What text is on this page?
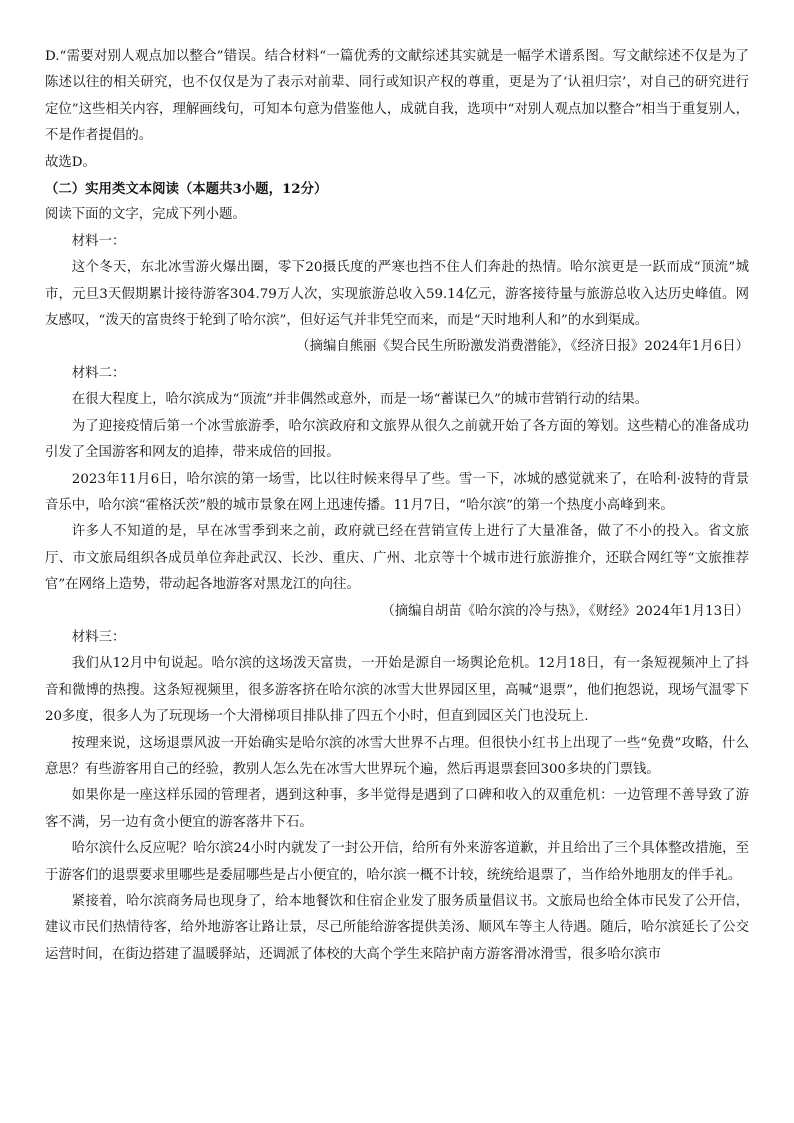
D.“需要对别人观点加以整合”错误。结合材料“一篇优秀的文献综述其实就是一幅学术谱系图。写文献综述不仅是为了陈述以往的相关研究，也不仅仅是为了表示对前辈、同行或知识产权的尊重，更是为了‘认祖归宗’，对自己的研究进行定位”这些相关内容，理解画线句，可知本句意为借鉴他人，成就自我，选项中“对别人观点加以整合”相当于重复别人，不是作者提倡的。

故选D。

（二）实用类文本阅读（本题共3小题，12分）

阅读下面的文字，完成下列小题。

材料一：

这个冬天，东北冰雪游火爆出圈，零下20摄氏度的严寒也挡不住人们奔赴的热情。哈尔滨更是一跃而成“顶流”城市，元旦3天假期累计接待游客304.79万人次，实现旅游总收入59.14亿元，游客接待量与旅游总收入达历史峰值。网友感叹，“泼天的富贵终于轮到了哈尔滨”，但好运气并非凭空而来，而是“天时地利人和”的水到渠成。

（摘编自熊丽《契合民生所盼激发消费潜能》，《经济日报》2024年1月6日）

材料二：

在很大程度上，哈尔滨成为“顶流”并非偶然或意外，而是一场“蓄谋已久”的城市营销行动的结果。

为了迎接疫情后第一个冰雪旅游季，哈尔滨政府和文旅界从很久之前就开始了各方面的筹划。这些精心的准备成功引发了全国游客和网友的追捧，带来成倍的回报。

2023年11月6日，哈尔滨的第一场雪，比以往时候来得早了些。雪一下，冰城的感觉就来了，在哈利·波特的背景音乐中，哈尔滨“霍格沃茨”般的城市景象在网上迅速传播。11月7日，“哈尔滨”的第一个热度小高峰到来。

许多人不知道的是，早在冰雪季到来之前，政府就已经在营销宣传上进行了大量准备，做了不小的投入。省文旅厅、市文旅局组织各成员单位奔赴武汉、长沙、重庆、广州、北京等十个城市进行旅游推介，还联合网红等“文旅推荐官”在网络上造势，带动起各地游客对黑龙江的向往。

（摘编自胡苗《哈尔滨的冷与热》，《财经》2024年1月13日）

材料三：

我们从12月中旬说起。哈尔滨的这场泼天富贵，一开始是源自一场舆论危机。12月18日，有一条短视频冲上了抖音和微博的热搜。这条短视频里，很多游客挤在哈尔滨的冰雪大世界园区里，高喊“退票”，他们抱怨说，现场气温零下20多度，很多人为了玩现场一个大滑梯项目排队排了四五个小时，但直到园区关门也没玩上.

按理来说，这场退票风波一开始确实是哈尔滨的冰雪大世界不占理。但很快小红书上出现了一些“免费”攻略，什么意思？有些游客用自己的经验，教别人怎么先在冰雪大世界玩个遍，然后再退票套回300多块的门票钱。

如果你是一座这样乐园的管理者，遇到这种事，多半觉得是遇到了口碑和收入的双重危机：一边管理不善导致了游客不满，另一边有贪小便宜的游客落井下石。

哈尔滨什么反应呢？哈尔滨24小时内就发了一封公开信，给所有外来游客道歉，并且给出了三个具体整改措施，至于游客们的退票要求里哪些是委屈哪些是占小便宜的，哈尔滨一概不计较，统统给退票了，当作给外地朋友的伴手礼。

紧接着，哈尔滨商务局也现身了，给本地餐饮和住宿企业发了服务质量倡议书。文旅局也给全体市民发了公开信，建议市民们热情待客，给外地游客让路让景，尽己所能给游客提供美汤、顺风车等主人待遇。随后，哈尔滨延长了公交运营时间，在街边搭建了温暖驿站，还调派了体校的大高个学生来陪护南方游客滑冰滑雪，很多哈尔滨市
